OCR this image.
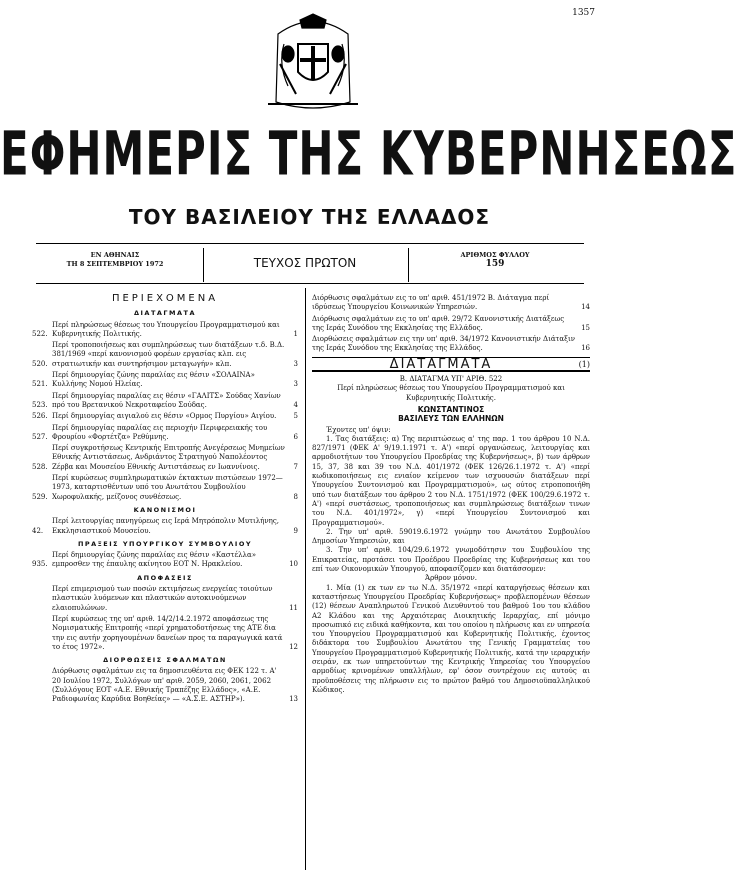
1357
ΕΦΗΜΕΡΙΣ ΤΗΣ ΚΥΒΕΡΝΗΣΕΩΣ
ΤΟΥ ΒΑΣΙΛΕΙΟΥ ΤΗΣ ΕΛΛΑΔΟΣ
ΕΝ ΑΘΗΝΑΙΣ
ΤΗ 8 ΣΕΠΤΕΜΒΡΙΟΥ 1972	ΤΕΥΧΟΣ ΠΡΩΤΟΝ
ΑΡΙΘΜΟΣ ΦΥΛΛΟΥ
159
ΠΕΡΙΕΧΟΜΕΝΑ
ΔΙΑΤΑΓΜΑΤΑ
522.
Περί πληρώσεως θέσεως του Υπουργείου Προγραμματισμού και Κυβερνητικής Πολιτικής.	1
520.
Περί τροποποιήσεως και συμπληρώσεως των διατάξεων τ.δ. Β.Δ. 381/1969 «περί κανονισμού φορέων εργασίας κλπ. εις στρατιωτικήν και συντηρήσιμον μεταγωγήν» κλπ.	3
521.
Περί δημιουργίας ζώνης παραλίας εις θέσιν «ΣΟΛΑΙΝΑ» Κυλλήνης Νομού Ηλείας.	3
523.
Περί δημιουργίας παραλίας εις θέσιν «ΓΑΛΙΤΣ» Σούδας Χανίων πρό του Βρετανικού Νεκροταφείου Σούδας.	4
526. Περί δημιουργίας αιγιαλού εις θέσιν «Ορμος Πυργίου» Αιγίου.	5
527.
Περί δημιουργίας παραλίας εις περιοχήν Περιφερειακής του Φρουρίου «Φορτέτζα» Ρεθύμνης.	6
528.
Περί συγκροτήσεως Κεντρικής Επιτροπής Ανεγέρσεως Μνημείων Εθνικής Αντιστάσεως, Ανδριάντος Στρατηγού Ναπολέοντος Ζέρβα και Μουσείου Εθνικής Αντιστάσεως εν Ιωαννίνοις.	7
529.
Περί κυρώσεως συμπληρωματικών έκτακτων πιστώσεων 1972—1973, καταρτισθέντων υπό του Ανωτάτου Συμβουλίου Χωροφυλακής, μείζονος συνθέσεως.	8
ΚΑΝΟΝΙΣΜΟΙ
42.
Περί λειτουργίας πανηγύρεως εις Ιερά Μητρόπολιν Μυτιλήνης, Εκκλησιαστικού Μουσείου.	9
ΠΡΑΞΕΙΣ ΥΠΟΥΡΓΙΚΟΥ ΣΥΜΒΟΥΛΙΟΥ
935.
Περί δημιουργίας ζώνης παραλίας εις θέσιν «Καστέλλα» εμπροσθεν της έπαυλης ακίνητου ΕΟΤ Ν. Ηρακλείου.	10
ΑΠΟΦΑΣΕΙΣ
Περί επιμερισμού των ποσών εκτιμήσεως ενεργείας τοιούτων πλαστικών λυόμενων και πλαστικών αυτοκινούμενων ελαιοπυλώνων.	11
Περί κυρώσεως της υπ' αριθ. 14/2/14.2.1972 αποφάσεως της Νομισματικής Επιτροπής «περί χρηματοδοτήσεως της ΑΤΕ δια την εις αυτήν χορηγουμένων δανείων προς τα παραγωγικά κατά το έτος 1972».	12
ΔΙΟΡΘΩΣΕΙΣ ΣΦΑΛΜΑΤΩΝ
Διόρθωσις σφαλμάτων εις τα δημοσιευθέντα εις ΦΕΚ 122 τ. Α' 20 Ιουλίου 1972, Συλλόγων υπ' αριθ. 2059, 2060, 2061, 2062 (Συλλόγους ΕΟΤ «Α.Ε. Εθνικής Τραπέζης Ελλάδος», «Α.Ε. Ραδιοφωνίας Καρύδια Βοηθείας» — «Α.Σ.Ε. ΑΣΤΗΡ»).	13
Διόρθωσις σφαλμάτων εις το υπ' αριθ. 451/1972 Β. Διάταγμα περί ιδρύσεως Υπουργείου Κοινωνικών Υπηρεσιών.	14
Διόρθωσις σφαλμάτων εις το υπ' αριθ. 29/72 Κανονιστικής Διατάξεως της Ιεράς Συνόδου της Εκκλησίας της Ελλάδος.	15
Διορθώσεις σφαλμάτων εις την υπ' αριθ. 34/1972 Κανονιστικήν Διάταξιν της Ιεράς Συνόδου της Εκκλησίας της Ελλάδος.	16
ΔΙΑΤΑΓΜΑΤΑ	(1)
Β. ΔΙΑΤΑΓΜΑ ΥΠ' ΑΡΙΘ. 522
Περί πληρώσεως θέσεως του Υπουργείου Προγραμματισμού και Κυβερνητικής Πολιτικής.
ΚΩΝΣΤΑΝΤΙΝΟΣ
ΒΑΣΙΛΕΥΣ ΤΩΝ ΕΛΛΗΝΩΝ
Έχοντες υπ' όψιν:
1. Τας διατάξεις: α) Της περιπτώσεως α' της παρ. 1 του άρθρου 10 Ν.Δ. 827/1971 (ΦΕΚ Α' 9/19.1.1971 τ. Α') «περί οργανώσεως, λειτουργίας και αρμοδιοτήτων του Υπουργείου Προεδρίας της Κυβερνήσεως», β) των άρθρων 15, 37, 38 και 39 του Ν.Δ. 401/1972 (ΦΕΚ 126/26.1.1972 τ. Α') «περί κωδικοποιήσεως εις ενιαίον κείμενον των ισχυουσών διατάξεων περί Υπουργείου Συντονισμού και Προγραμματισμού», ως ούτος ετροποποιήθη υπό των διατάξεων του άρθρου 2 του Ν.Δ. 1751/1972 (ΦΕΚ 100/29.6.1972 τ. Α') «περί συστάσεως, τροποποιήσεως και συμπληρώσεως διατάξεων τινων του Ν.Δ. 401/1972», γ) «περί Υπουργείου Συντονισμού και Προγραμματισμού».
2. Την υπ' αριθ. 59019.6.1972 γνώμην του Ανωτάτου Συμβουλίου Δημοσίων Υπηρεσιών, και
3. Την υπ' αριθ. 104/29.6.1972 γνωμοδότησιν του Συμβουλίου της Επικρατείας, προτάσει του Προέδρου Προεδρίας της Κυβερνήσεως και του επί των Οικονομικών Υπουργού, αποφασίζομεν και διατάσσομεν:
Άρθρον μόνον.
1. Μία (1) εκ των εν τω Ν.Δ. 35/1972 «περί καταργήσεως θέσεων και καταστήσεως Υπουργείου Προεδρίας Κυβερνήσεως» προβλεπομένων θέσεων (12) θέσεων Αναπληρωτού Γενικού Διευθυντού του βαθμού 1ου του κλάδου Α2 Κλάδου και της Αρχαιότερας Διοικητικής Ιεραρχίας, επί μόνιμο προσωπικό εις ειδικά καθήκοντα, και του οποίου η πλήρωσις και εν υπηρεσία του Υπουργείου Προγραμματισμού και Κυβερνητικής Πολιτικής, έχοντος διδάκτορα του Συμβουλίου Ανωτάτου της Γενικής Γραμματείας του Υπουργείου Προγραμματισμού Κυβερνητικής Πολιτικής, κατά την ιεραρχικήν σειράν, εκ των υπηρετούντων της Κεντρικής Υπηρεσίας του Υπουργείου αρμοδίως κρινομένων υπαλλήλων, εφ' όσον συντρέχουν εις αυτούς αι προϋποθέσεις της πλήρωσιν εις το πρώτον βαθμό του Δημοσιοϋπαλληλικού Κώδικος.
